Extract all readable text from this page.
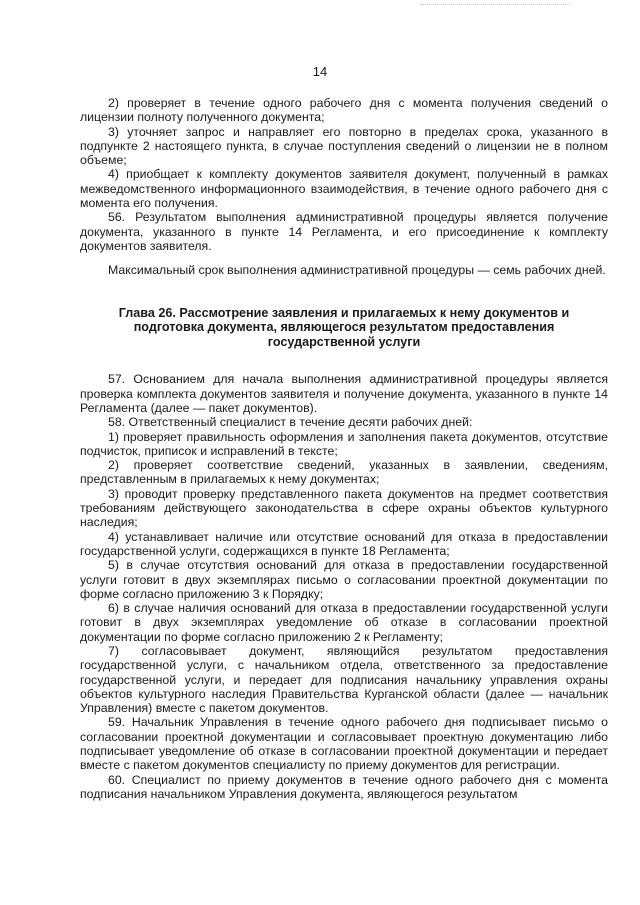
14

2) проверяет в течение одного рабочего дня с момента получения сведений о лицензии полноту полученного документа;

3) уточняет запрос и направляет его повторно в пределах срока, указанного в подпункте 2 настоящего пункта, в случае поступления сведений о лицензии не в полном объеме;

4) приобщает к комплекту документов заявителя документ, полученный в рамках межведомственного информационного взаимодействия, в течение одного рабочего дня с момента его получения.

56. Результатом выполнения административной процедуры является получение документа, указанного в пункте 14 Регламента, и его присоединение к комплекту документов заявителя.

Максимальный срок выполнения административной процедуры — семь рабочих дней.

Глава 26. Рассмотрение заявления и прилагаемых к нему документов и подготовка документа, являющегося результатом предоставления государственной услуги

57. Основанием для начала выполнения административной процедуры является проверка комплекта документов заявителя и получение документа, указанного в пункте 14 Регламента (далее — пакет документов).

58. Ответственный специалист в течение десяти рабочих дней:

1) проверяет правильность оформления и заполнения пакета документов, отсутствие подчисток, приписок и исправлений в тексте;

2) проверяет соответствие сведений, указанных в заявлении, сведениям, представленным в прилагаемых к нему документах;

3) проводит проверку представленного пакета документов на предмет соответствия требованиям действующего законодательства в сфере охраны объектов культурного наследия;

4) устанавливает наличие или отсутствие оснований для отказа в предоставлении государственной услуги, содержащихся в пункте 18 Регламента;

5) в случае отсутствия оснований для отказа в предоставлении государственной услуги готовит в двух экземплярах письмо о согласовании проектной документации по форме согласно приложению 3 к Порядку;

6) в случае наличия оснований для отказа в предоставлении государственной услуги готовит в двух экземплярах уведомление об отказе в согласовании проектной документации по форме согласно приложению 2 к Регламенту;

7) согласовывает документ, являющийся результатом предоставления государственной услуги, с начальником отдела, ответственного за предоставление государственной услуги, и передает для подписания начальнику управления охраны объектов культурного наследия Правительства Курганской области (далее — начальник Управления) вместе с пакетом документов.

59. Начальник Управления в течение одного рабочего дня подписывает письмо о согласовании проектной документации и согласовывает проектную документацию либо подписывает уведомление об отказе в согласовании проектной документации и передает вместе с пакетом документов специалисту по приему документов для регистрации.

60. Специалист по приему документов в течение одного рабочего дня с момента подписания начальником Управления документа, являющегося результатом
